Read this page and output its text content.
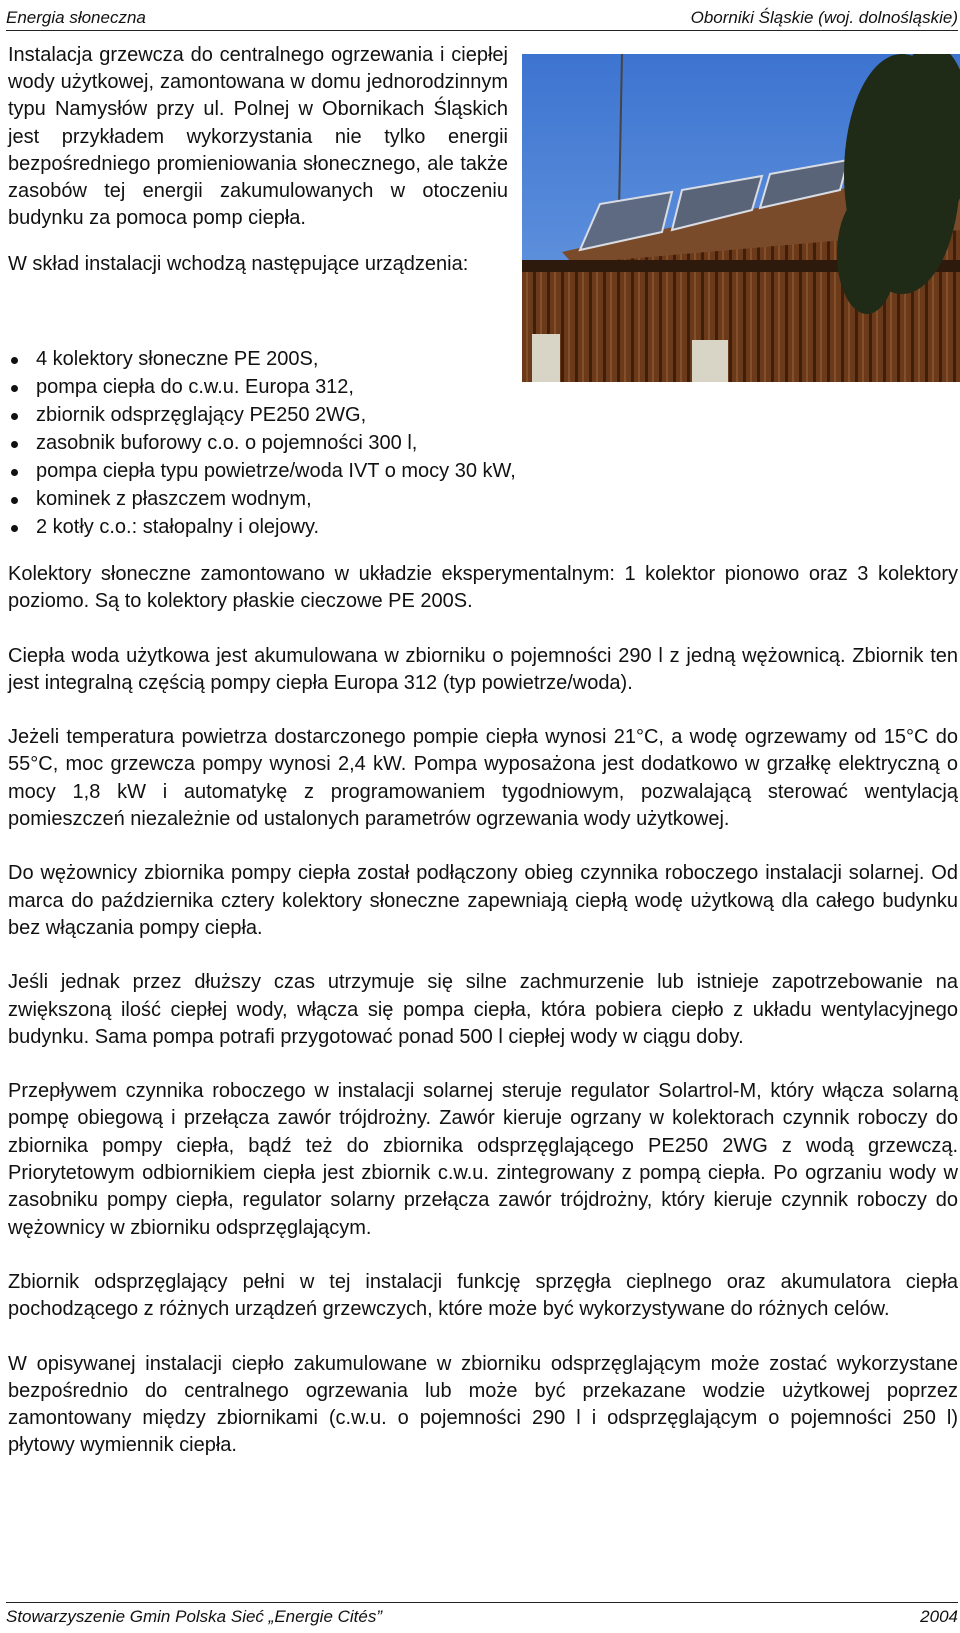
Energia słoneczna	Oborniki Śląskie (woj. dolnośląskie)

Instalacja grzewcza do centralnego ogrzewania i ciepłej wody użytkowej, zamontowana w domu jednorodzinnym typu Namysłów przy ul. Polnej w Obornikach Śląskich jest przykładem wykorzystania nie tylko energii bezpośredniego promieniowania słonecznego, ale także zasobów tej energii zakumulowanych w otoczeniu budynku za pomoca pomp ciepła.

W skład instalacji wchodzą następujące urządzenia:

4 kolektory słoneczne PE 200S,
pompa ciepła do c.w.u. Europa 312,
zbiornik odsprzęglający PE250 2WG,
zasobnik buforowy c.o. o pojemności 300 l,
pompa ciepła typu powietrze/woda IVT o mocy 30 kW,
kominek z płaszczem wodnym,
2 kotły c.o.: stałopalny i olejowy.

Kolektory słoneczne zamontowano w układzie eksperymentalnym: 1 kolektor pionowo oraz 3 kolektory poziomo. Są to kolektory płaskie cieczowe PE 200S.

Ciepła woda użytkowa jest akumulowana w zbiorniku o pojemności 290 l z jedną wężownicą. Zbiornik ten jest integralną częścią pompy ciepła Europa 312 (typ powietrze/woda).

Jeżeli temperatura powietrza dostarczonego pompie ciepła wynosi 21°C, a wodę ogrzewamy od 15°C do 55°C, moc grzewcza pompy wynosi 2,4 kW. Pompa wyposażona jest dodatkowo w grzałkę elektryczną o mocy 1,8 kW i automatykę z programowaniem tygodniowym, pozwalającą sterować wentylacją pomieszczeń niezależnie od ustalonych parametrów ogrzewania wody użytkowej.

Do wężownicy zbiornika pompy ciepła został podłączony obieg czynnika roboczego instalacji solarnej. Od marca do października cztery kolektory słoneczne zapewniają ciepłą wodę użytkową dla całego budynku bez włączania pompy ciepła.

Jeśli jednak przez dłuższy czas utrzymuje się silne zachmurzenie lub istnieje zapotrzebowanie na zwiększoną ilość ciepłej wody, włącza się pompa ciepła, która pobiera ciepło z układu wentylacyjnego budynku. Sama pompa potrafi przygotować ponad 500 l ciepłej wody w ciągu doby.

Przepływem czynnika roboczego w instalacji solarnej steruje regulator Solartrol-M, który włącza solarną pompę obiegową i przełącza zawór trójdrożny. Zawór kieruje ogrzany w kolektorach czynnik roboczy do zbiornika pompy ciepła, bądź też do zbiornika odsprzęglającego PE250 2WG z wodą grzewczą. Priorytetowym odbiornikiem ciepła jest zbiornik c.w.u. zintegrowany z pompą ciepła. Po ogrzaniu wody w zasobniku pompy ciepła, regulator solarny przełącza zawór trójdrożny, który kieruje czynnik roboczy do wężownicy w zbiorniku odsprzęglającym.

Zbiornik odsprzęglający pełni w tej instalacji funkcję sprzęgła cieplnego oraz akumulatora ciepła pochodzącego z różnych urządzeń grzewczych, które może być wykorzystywane do różnych celów.

W opisywanej instalacji ciepło zakumulowane w zbiorniku odsprzęglającym może zostać wykorzystane bezpośrednio do centralnego ogrzewania lub może być przekazane wodzie użytkowej poprzez zamontowany między zbiornikami (c.w.u. o pojemności 290 l i odsprzęglającym o pojemności 250 l) płytowy wymiennik ciepła.

Stowarzyszenie Gmin Polska Sieć „Energie Cités”	2004
